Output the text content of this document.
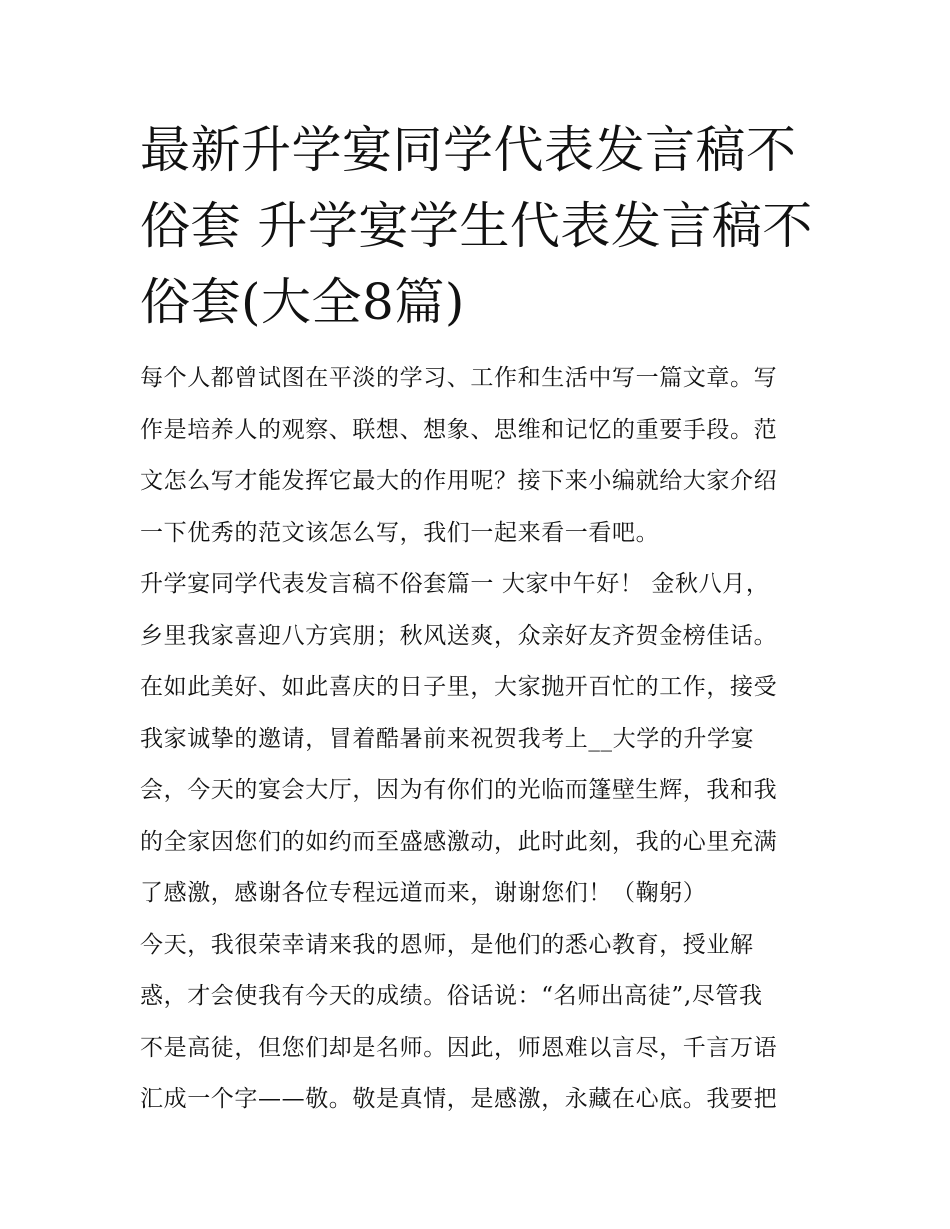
最新升学宴同学代表发言稿不
俗套 升学宴学生代表发言稿不
俗套(大全8篇)
每个人都曾试图在平淡的学习、工作和生活中写一篇文章。写
作是培养人的观察、联想、想象、思维和记忆的重要手段。范
文怎么写才能发挥它最大的作用呢？接下来小编就给大家介绍
一下优秀的范文该怎么写，我们一起来看一看吧。
升学宴同学代表发言稿不俗套篇一 大家中午好！ 金秋八月，
乡里我家喜迎八方宾朋；秋风送爽，众亲好友齐贺金榜佳话。
在如此美好、如此喜庆的日子里，大家抛开百忙的工作，接受
我家诚挚的邀请，冒着酷暑前来祝贺我考上__大学的升学宴
会，今天的宴会大厅，因为有你们的光临而篷壁生辉，我和我
的全家因您们的如约而至盛感激动，此时此刻，我的心里充满
了感激，感谢各位专程远道而来，谢谢您们！（鞠躬）
今天，我很荣幸请来我的恩师，是他们的悉心教育，授业解
惑，才会使我有今天的成绩。俗话说：“名师出高徒”,尽管我
不是高徒，但您们却是名师。因此，师恩难以言尽，千言万语
汇成一个字——敬。敬是真情，是感激，永藏在心底。我要把
